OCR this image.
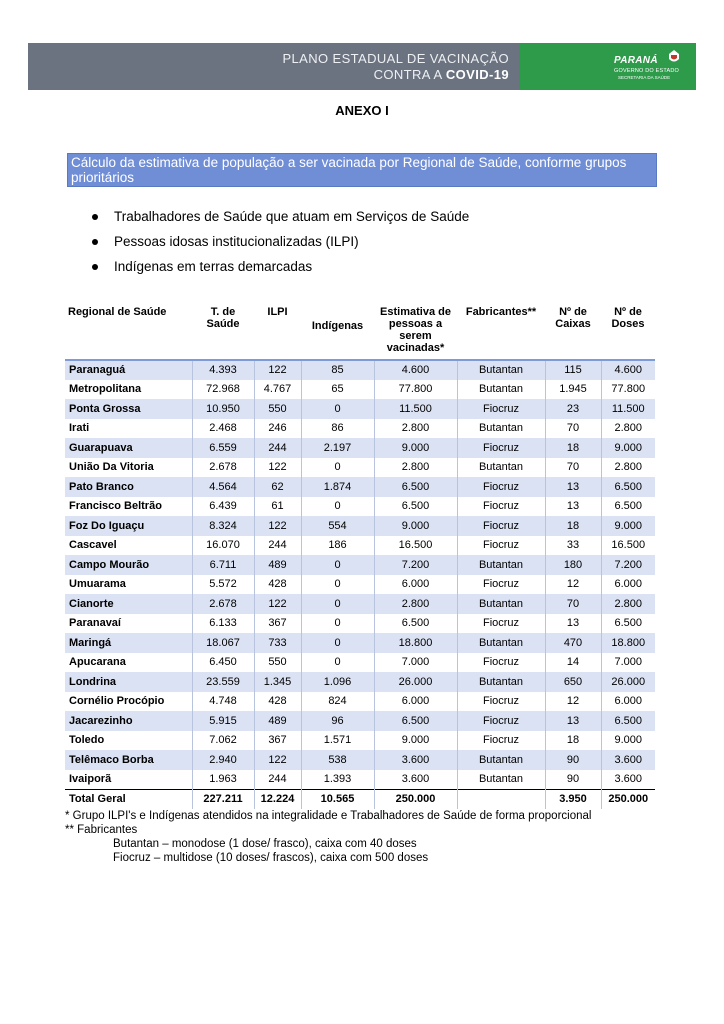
PLANO ESTADUAL DE VACINAÇÃO
CONTRA A COVID-19
PARANÁ
GOVERNO DO ESTADO
SECRETARIA DA SAÚDE
ANEXO I
Cálculo da estimativa de população a ser vacinada por Regional de Saúde, conforme grupos prioritários
Trabalhadores de Saúde que atuam em Serviços de Saúde
Pessoas idosas institucionalizadas (ILPI)
Indígenas em terras demarcadas
Regional de Saúde	T. de Saúde	ILPI	Indígenas	Estimativa de pessoas a serem vacinadas*	Fabricantes**	Nº de Caixas	Nº de Doses
Paranaguá	4.393	122	85	4.600	Butantan	115	4.600
Metropolitana	72.968	4.767	65	77.800	Butantan	1.945	77.800
Ponta Grossa	10.950	550	0	11.500	Fiocruz	23	11.500
Irati	2.468	246	86	2.800	Butantan	70	2.800
Guarapuava	6.559	244	2.197	9.000	Fiocruz	18	9.000
União Da Vitoria	2.678	122	0	2.800	Butantan	70	2.800
Pato Branco	4.564	62	1.874	6.500	Fiocruz	13	6.500
Francisco Beltrão	6.439	61	0	6.500	Fiocruz	13	6.500
Foz Do Iguaçu	8.324	122	554	9.000	Fiocruz	18	9.000
Cascavel	16.070	244	186	16.500	Fiocruz	33	16.500
Campo Mourão	6.711	489	0	7.200	Butantan	180	7.200
Umuarama	5.572	428	0	6.000	Fiocruz	12	6.000
Cianorte	2.678	122	0	2.800	Butantan	70	2.800
Paranavaí	6.133	367	0	6.500	Fiocruz	13	6.500
Maringá	18.067	733	0	18.800	Butantan	470	18.800
Apucarana	6.450	550	0	7.000	Fiocruz	14	7.000
Londrina	23.559	1.345	1.096	26.000	Butantan	650	26.000
Cornélio Procópio	4.748	428	824	6.000	Fiocruz	12	6.000
Jacarezinho	5.915	489	96	6.500	Fiocruz	13	6.500
Toledo	7.062	367	1.571	9.000	Fiocruz	18	9.000
Telêmaco Borba	2.940	122	538	3.600	Butantan	90	3.600
Ivaiporã	1.963	244	1.393	3.600	Butantan	90	3.600
Total Geral	227.211	12.224	10.565	250.000		3.950	250.000
* Grupo ILPI's e Indígenas atendidos na integralidade e Trabalhadores de Saúde de forma proporcional
** Fabricantes
Butantan – monodose (1 dose/ frasco), caixa com 40 doses
Fiocruz – multidose (10 doses/ frascos), caixa com 500 doses
